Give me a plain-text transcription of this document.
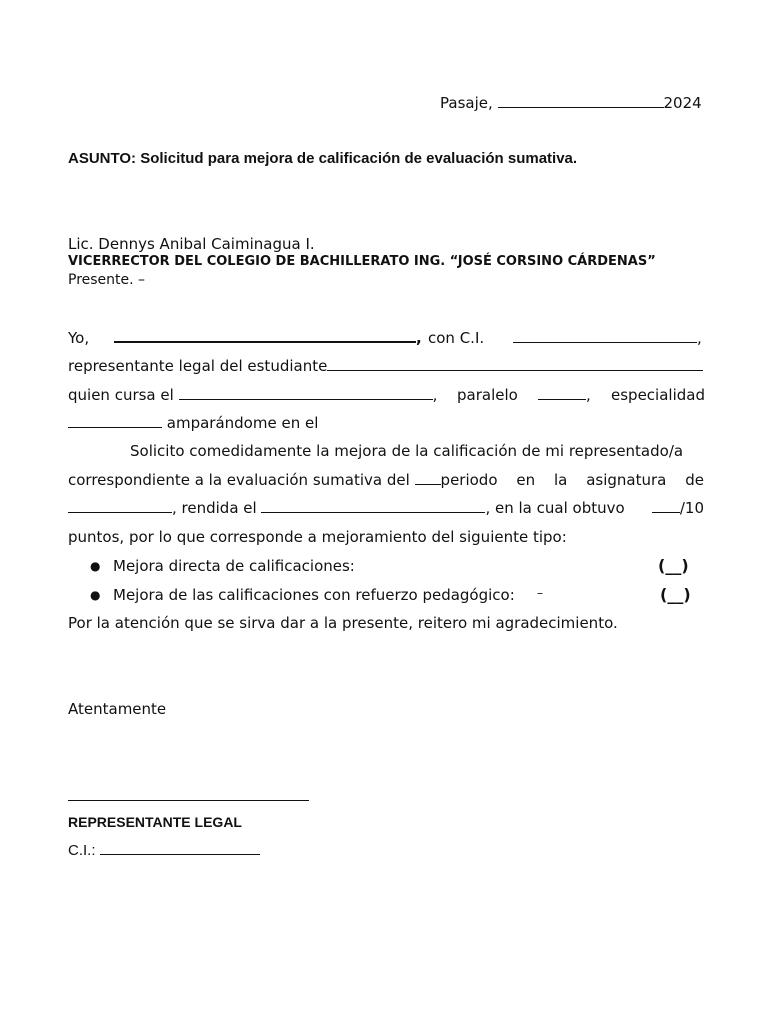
Pasaje,	2024
ASUNTO: Solicitud para mejora de calificación de evaluación sumativa.
Lic. Dennys Anibal Caiminagua I.
VICERRECTOR DEL COLEGIO DE BACHILLERATO ING. “JOSÉ CORSINO CÁRDENAS”
Presente. –
Yo,	, con C.I.	,
representante legal del estudiante
quien cursa el	, paralelo	, especialidad
amparándome en el
Solicito comedidamente la mejora de la calificación de mi representado/a
correspondiente a la evaluación sumativa del periodo en la asignatura de
, rendida el	, en la cual obtuvo	/10
puntos, por lo que corresponde a mejoramiento del siguiente tipo:
● Mejora directa de calificaciones:	(__)
● Mejora de las calificaciones con refuerzo pedagógico: –	(__)
Por la atención que se sirva dar a la presente, reitero mi agradecimiento.
Atentamente
REPRESENTANTE LEGAL
C.I.:
